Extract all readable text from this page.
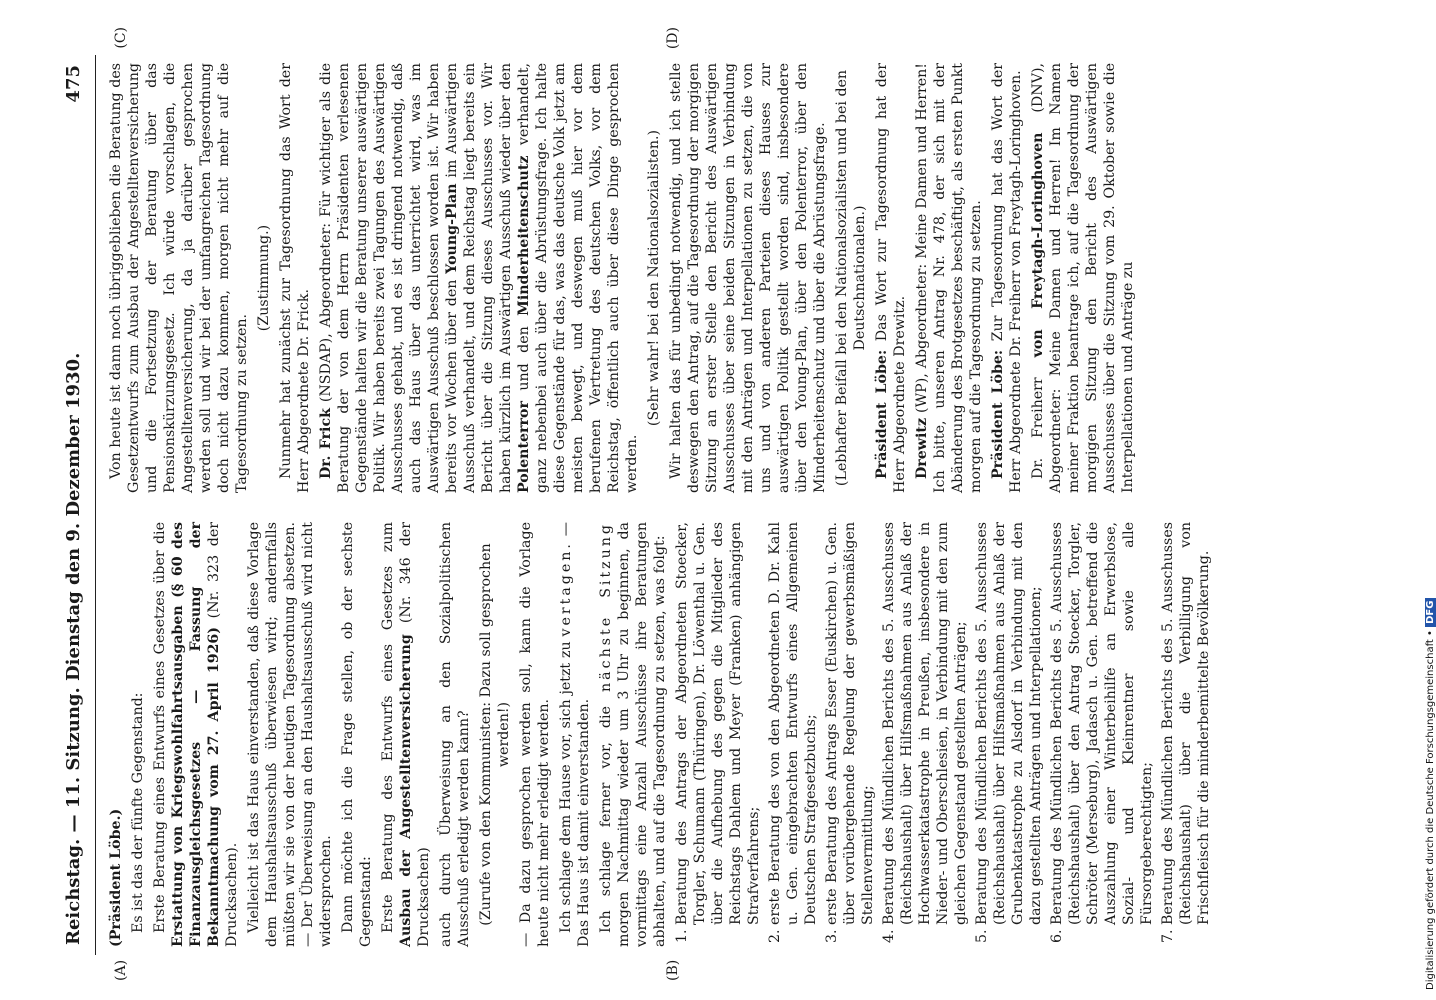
Reichstag. — 11. Sitzung. Dienstag den 9. Dezember 1930.
475
(A)	(B)
(C)	(D)

(Präsident Löbe.) Es ist das der fünfte Gegenstand: Erste Beratung eines Entwurfs eines Gesetzes über die Erstattung von Kriegswohlfahrtsausgaben (§ 60 des Finanzausgleichsgesetzes — Fassung der Bekanntmachung vom 27. April 1926) (Nr. 323 der Drucksachen). Vielleicht ist das Haus einverstanden, daß diese Vorlage dem Haushaltsausschuß überwiesen wird; andernfalls müßten wir sie von der heutigen Tagesordnung absetzen. — Der Überweisung an den Haushaltsausschuß wird nicht widersprochen. Dann möchte ich die Frage stellen, ob der sechste Gegenstand: Erste Beratung des Entwurfs eines Gesetzes zum Ausbau der Angestelltenversicherung (Nr. 346 der Drucksachen) auch durch Überweisung an den Sozialpolitischen Ausschuß erledigt werden kann? (Zurufe von den Kommunisten: Dazu soll gesprochen werden!) — Da dazu gesprochen werden soll, kann die Vorlage heute nicht mehr erledigt werden. Ich schlage dem Hause vor, sich jetzt zu vertagen. — Das Haus ist damit einverstanden. Ich schlage ferner vor, die nächste Sitzung morgen Nachmittag wieder um 3 Uhr zu beginnen, da vormittags eine Anzahl Ausschüsse ihre Beratungen abhalten, und auf die Tagesordnung zu setzen, was folgt: 1. Beratung des Antrags der Abgeordneten Stoecker, Torgler, Schumann (Thüringen), Dr. Löwenthal u. Gen. über die Aufhebung des gegen die Mitglieder des Reichstags Dahlem und Meyer (Franken) anhängigen Strafverfahrens; 2. erste Beratung des von den Abgeordneten D. Dr. Kahl u. Gen. eingebrachten Entwurfs eines Allgemeinen Deutschen Strafgesetzbuchs; 3. erste Beratung des Antrags Esser (Euskirchen) u. Gen. über vorübergehende Regelung der gewerbsmäßigen Stellenvermittlung; 4. Beratung des Mündlichen Berichts des 5. Ausschusses (Reichshaushalt) über Hilfsmaßnahmen aus Anlaß der Hochwasserkatastrophe in Preußen, insbesondere in Nieder- und Oberschlesien, in Verbindung mit den zum gleichen Gegenstand gestellten Anträgen; 5. Beratung des Mündlichen Berichts des 5. Ausschusses (Reichshaushalt) über Hilfsmaßnahmen aus Anlaß der Grubenkatastrophe zu Alsdorf in Verbindung mit den dazu gestellten Anträgen und Interpellationen; 6. Beratung des Mündlichen Berichts des 5. Ausschusses (Reichshaushalt) über den Antrag Stoecker, Torgler, Schröter (Merseburg), Jadasch u. Gen. betreffend die Auszahlung einer Winterbeihilfe an Erwerbslose, Sozial- und Kleinrentner sowie alle Fürsorgeberechtigten; 7. Beratung des Mündlichen Berichts des 5. Ausschusses (Reichshaushalt) über die Verbilligung von Frischfleisch für die minderbemittelte Bevölkerung.

Von heute ist dann noch übriggeblieben die Beratung des Gesetzentwurfs zum Ausbau der Angestelltenversicherung und die Fortsetzung der Beratung über das Pensionskürzungsgesetz. Ich würde vorschlagen, die Angestelltenversicherung, da ja darüber gesprochen werden soll und wir bei der umfangreichen Tagesordnung doch nicht dazu kommen, morgen nicht mehr auf die Tagesordnung zu setzen.

(Zustimmung.) Nunmehr hat zunächst zur Tagesordnung das Wort der Herr Abgeordnete Dr. Frick. Dr. Frick (NSDAP), Abgeordneter: Für wichtiger als die Beratung der von dem Herrn Präsidenten verlesenen Gegenstände halten wir die Beratung unserer auswärtigen Politik. Wir haben bereits zwei Tagungen des Auswärtigen Ausschusses gehabt, und es ist dringend notwendig, daß auch das Haus über das unterrichtet wird, was im Auswärtigen Ausschuß beschlossen worden ist. Wir haben bereits vor Wochen über den Young-Plan im Auswärtigen Ausschuß verhandelt, und dem Reichstag liegt bereits ein Bericht über die Sitzung dieses Ausschusses vor. Wir haben kürzlich im Auswärtigen Ausschuß wieder über den Polenterror und den Minderheitenschutz verhandelt, ganz nebenbei auch über die Abrüstungsfrage. Ich halte diese Gegenstände für das, was das deutsche Volk jetzt am meisten bewegt, und deswegen muß hier vor dem berufenen Vertretung des deutschen Volks, vor dem Reichstag, öffentlich auch über diese Dinge gesprochen werden.

(Sehr wahr! bei den Nationalsozialisten.) Wir halten das für unbedingt notwendig, und ich stelle deswegen den Antrag, auf die Tagesordnung der morgigen Sitzung an erster Stelle den Bericht des Auswärtigen Ausschusses über seine beiden Sitzungen in Verbindung mit den Anträgen und Interpellationen zu setzen, die von uns und von anderen Parteien dieses Hauses zur auswärtigen Politik gestellt worden sind, insbesondere über den Young-Plan, über den Polenterror, über den Minderheitenschutz und über die Abrüstungsfrage. (Lebhafter Beifall bei den Nationalsozialisten und bei den Deutschnationalen.)

Präsident Löbe: Das Wort zur Tagesordnung hat der Herr Abgeordnete Drewitz. Drewitz (WP), Abgeordneter: Meine Damen und Herren! Ich bitte, unseren Antrag Nr. 478, der sich mit der Abänderung des Brotgesetzes beschäftigt, als ersten Punkt morgen auf die Tagesordnung zu setzen. Präsident Löbe: Zur Tagesordnung hat das Wort der Herr Abgeordnete Dr. Freiherr von Freytagh-Loringhoven. Dr. Freiherr von Freytagh-Loringhoven (DNV), Abgeordneter: Meine Damen und Herren! Im Namen meiner Fraktion beantrage ich, auf die Tagesordnung der morgigen Sitzung den Bericht des Auswärtigen Ausschusses über die Sitzung vom 29. Oktober sowie die Interpellationen und Anträge zu

Digitalisierung gefördert durch die Deutsche Forschungsgemeinschaft • DFG
